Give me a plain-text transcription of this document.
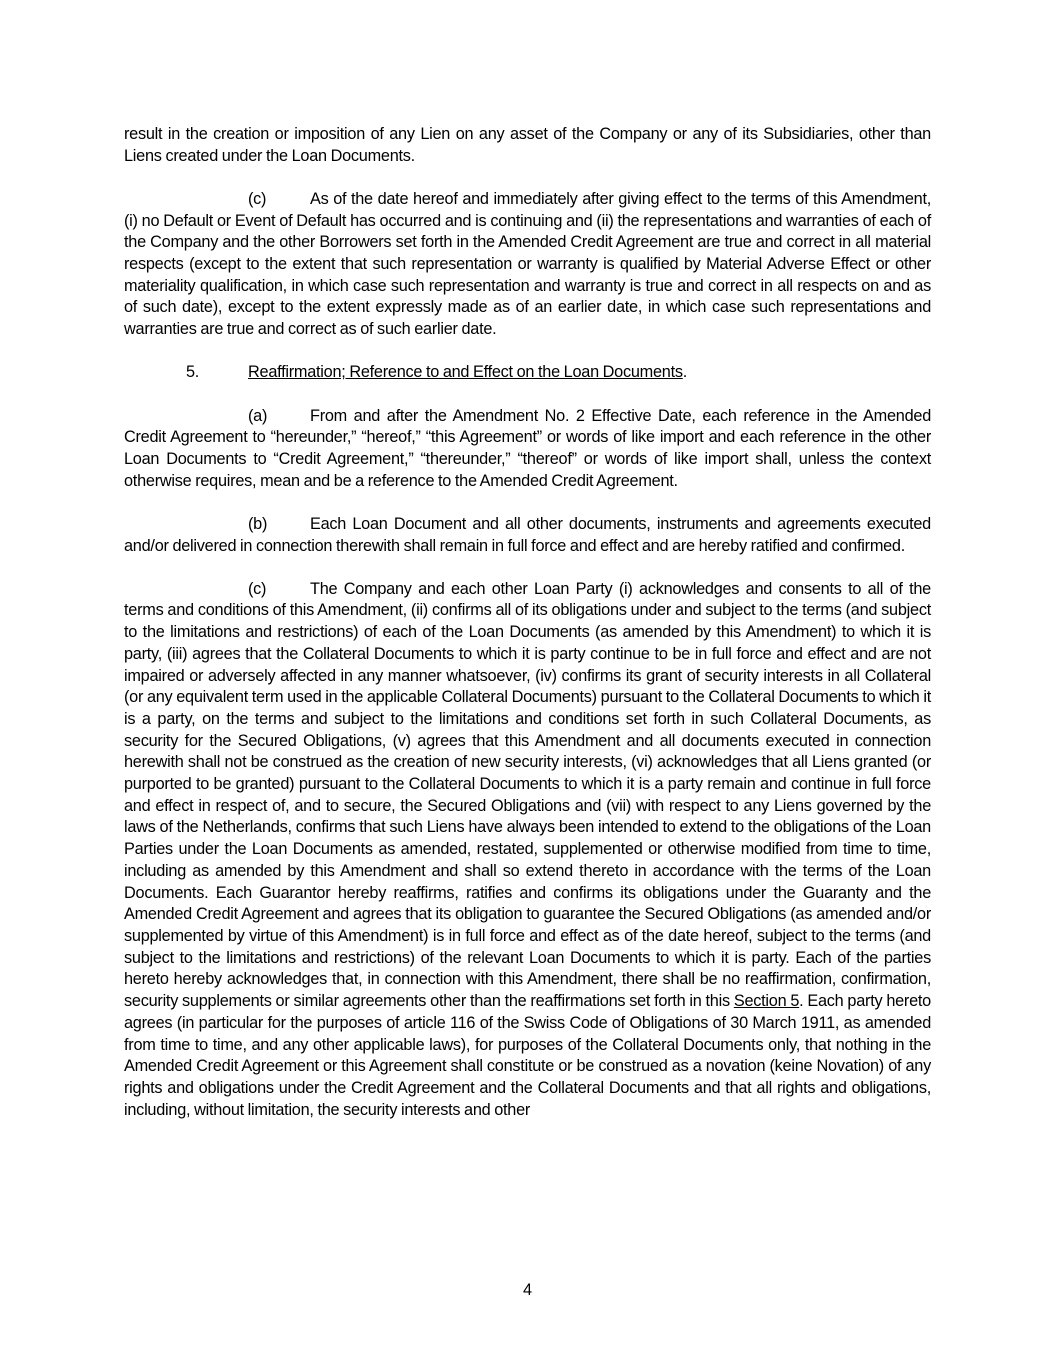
result in the creation or imposition of any Lien on any asset of the Company or any of its Subsidiaries, other than Liens created under the Loan Documents.

(c)	As of the date hereof and immediately after giving effect to the terms of this Amendment, (i) no Default or Event of Default has occurred and is continuing and (ii) the representations and warranties of each of the Company and the other Borrowers set forth in the Amended Credit Agreement are true and correct in all material respects (except to the extent that such representation or warranty is qualified by Material Adverse Effect or other materiality qualification, in which case such representation and warranty is true and correct in all respects on and as of such date), except to the extent expressly made as of an earlier date, in which case such representations and warranties are true and correct as of such earlier date.

5.	Reaffirmation; Reference to and Effect on the Loan Documents.

(a)	From and after the Amendment No. 2 Effective Date, each reference in the Amended Credit Agreement to “hereunder,” “hereof,” “this Agreement” or words of like import and each reference in the other Loan Documents to “Credit Agreement,” “thereunder,” “thereof” or words of like import shall, unless the context otherwise requires, mean and be a reference to the Amended Credit Agreement.

(b)	Each Loan Document and all other documents, instruments and agreements executed and/or delivered in connection therewith shall remain in full force and effect and are hereby ratified and confirmed.

(c)	The Company and each other Loan Party (i) acknowledges and consents to all of the terms and conditions of this Amendment, (ii) confirms all of its obligations under and subject to the terms (and subject to the limitations and restrictions) of each of the Loan Documents (as amended by this Amendment) to which it is party, (iii) agrees that the Collateral Documents to which it is party continue to be in full force and effect and are not impaired or adversely affected in any manner whatsoever, (iv) confirms its grant of security interests in all Collateral (or any equivalent term used in the applicable Collateral Documents) pursuant to the Collateral Documents to which it is a party, on the terms and subject to the limitations and conditions set forth in such Collateral Documents, as security for the Secured Obligations, (v) agrees that this Amendment and all documents executed in connection herewith shall not be construed as the creation of new security interests, (vi) acknowledges that all Liens granted (or purported to be granted) pursuant to the Collateral Documents to which it is a party remain and continue in full force and effect in respect of, and to secure, the Secured Obligations and (vii) with respect to any Liens governed by the laws of the Netherlands, confirms that such Liens have always been intended to extend to the obligations of the Loan Parties under the Loan Documents as amended, restated, supplemented or otherwise modified from time to time, including as amended by this Amendment and shall so extend thereto in accordance with the terms of the Loan Documents. Each Guarantor hereby reaffirms, ratifies and confirms its obligations under the Guaranty and the Amended Credit Agreement and agrees that its obligation to guarantee the Secured Obligations (as amended and/or supplemented by virtue of this Amendment) is in full force and effect as of the date hereof, subject to the terms (and subject to the limitations and restrictions) of the relevant Loan Documents to which it is party. Each of the parties hereto hereby acknowledges that, in connection with this Amendment, there shall be no reaffirmation, confirmation, security supplements or similar agreements other than the reaffirmations set forth in this Section 5. Each party hereto agrees (in particular for the purposes of article 116 of the Swiss Code of Obligations of 30 March 1911, as amended from time to time, and any other applicable laws), for purposes of the Collateral Documents only, that nothing in the Amended Credit Agreement or this Agreement shall constitute or be construed as a novation (keine Novation) of any rights and obligations under the Credit Agreement and the Collateral Documents and that all rights and obligations, including, without limitation, the security interests and other

4
